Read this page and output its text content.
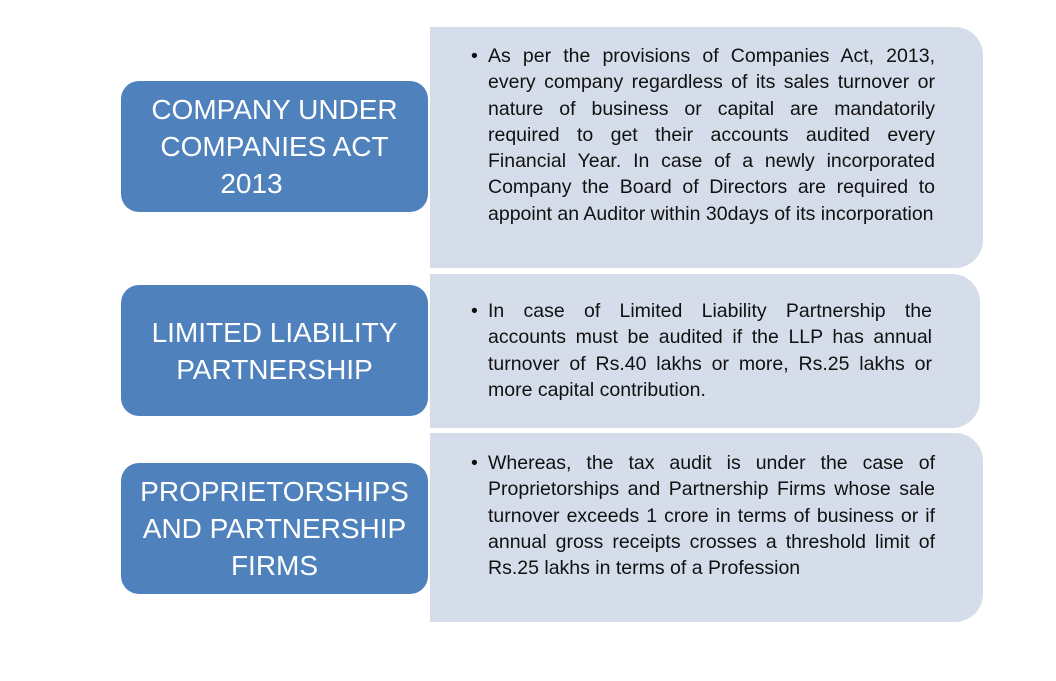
• As per the provisions of Companies Act, 2013, every company regardless of its sales turnover or nature of business or capital are mandatorily required to get their accounts audited every Financial Year. In case of a newly incorporated Company the Board of Directors are required to appoint an Auditor within 30days of its incorporation
COMPANY UNDER
COMPANIES ACT
2013
• In case of Limited Liability Partnership the accounts must be audited if the LLP has annual turnover of Rs.40 lakhs or more, Rs.25 lakhs or more capital contribution.
LIMITED LIABILITY
PARTNERSHIP
• Whereas, the tax audit is under the case of Proprietorships and Partnership Firms whose sale turnover exceeds 1 crore in terms of business or if annual gross receipts crosses a threshold limit of Rs.25 lakhs in terms of a Profession
PROPRIETORSHIPS
AND PARTNERSHIP
FIRMS
